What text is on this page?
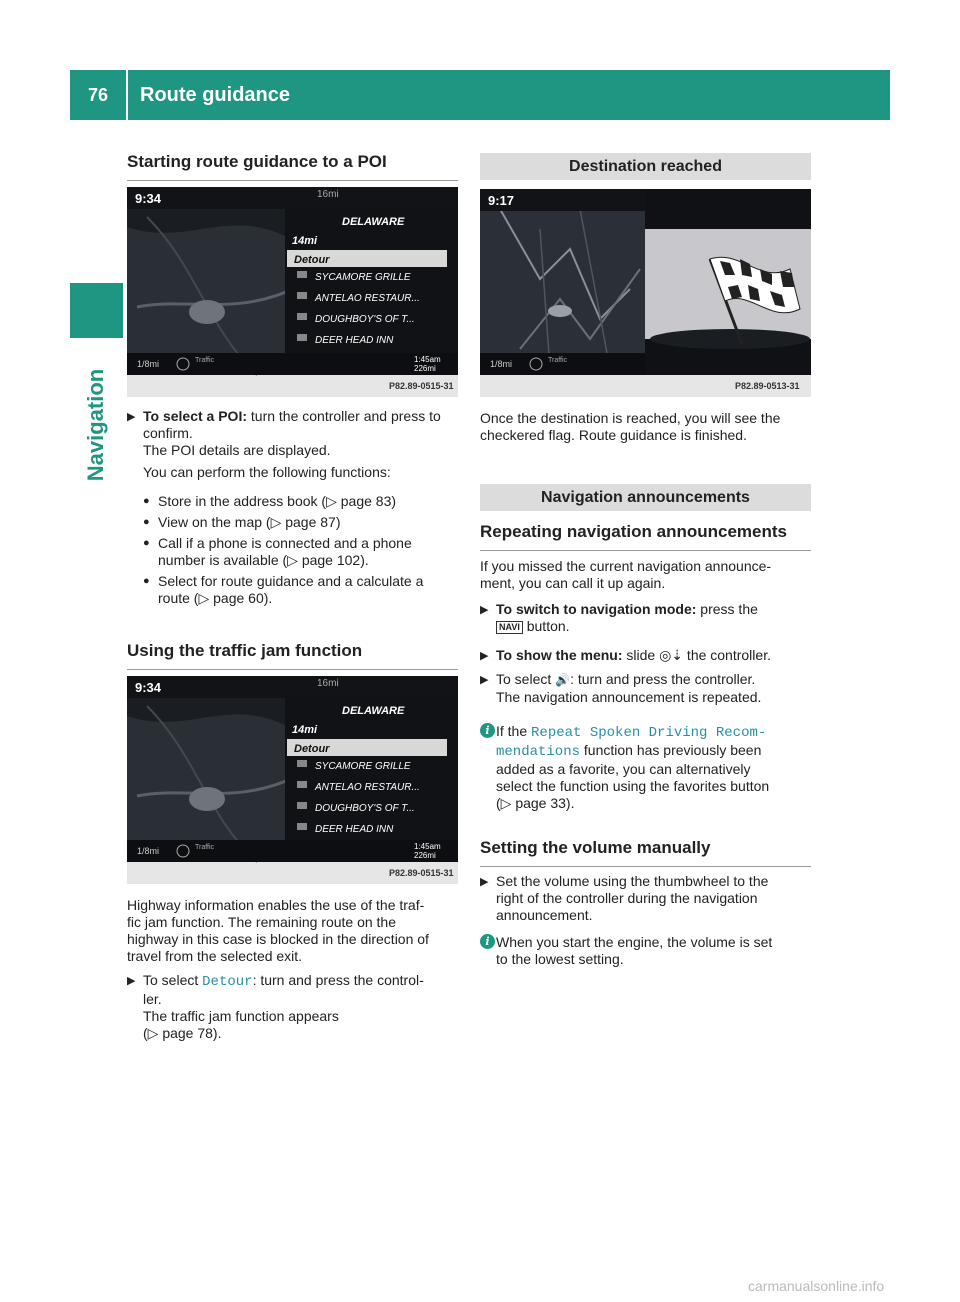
76	Route guidance
Navigation
Starting route guidance to a POI
9:34	16mi
DELAWARE
14mi
Detour
SYCAMORE GRILLE
ANTELAO RESTAUR...
DOUGHBOY'S OF T...
DEER HEAD INN
1/8mi	Traffic	1:45am
226mi
P82.89-0515-31
▶ To select a POI: turn the controller and press to confirm.
The POI details are displayed.
You can perform the following functions:
● Store in the address book (▷ page 83)
● View on the map (▷ page 87)
● Call if a phone is connected and a phone number is available (▷ page 102).
● Select for route guidance and a calculate a route (▷ page 60).
Using the traffic jam function
9:34	16mi
DELAWARE
14mi
Detour
SYCAMORE GRILLE
ANTELAO RESTAUR...
DOUGHBOY'S OF T...
DEER HEAD INN
1/8mi	Traffic	1:45am
226mi
P82.89-0515-31
Highway information enables the use of the traf-
fic jam function. The remaining route on the
highway in this case is blocked in the direction of
travel from the selected exit.
▶ To select Detour: turn and press the control-
ler.
The traffic jam function appears
(▷ page 78).
Destination reached
9:17
1/8mi	Traffic
P82.89-0513-31
Once the destination is reached, you will see the
checkered flag. Route guidance is finished.
Navigation announcements
Repeating navigation announcements
If you missed the current navigation announce-
ment, you can call it up again.
▶ To switch to navigation mode: press the
NAVI button.
▶ To show the menu: slide ◎⇣ the controller.
▶ To select 🔊: turn and press the controller.
The navigation announcement is repeated.
i If the Repeat Spoken Driving Recom‐
mendations function has previously been
added as a favorite, you can alternatively
select the function using the favorites button
(▷ page 33).
Setting the volume manually
▶ Set the volume using the thumbwheel to the
right of the controller during the navigation
announcement.
i When you start the engine, the volume is set
to the lowest setting.
carmanualsonline.info
